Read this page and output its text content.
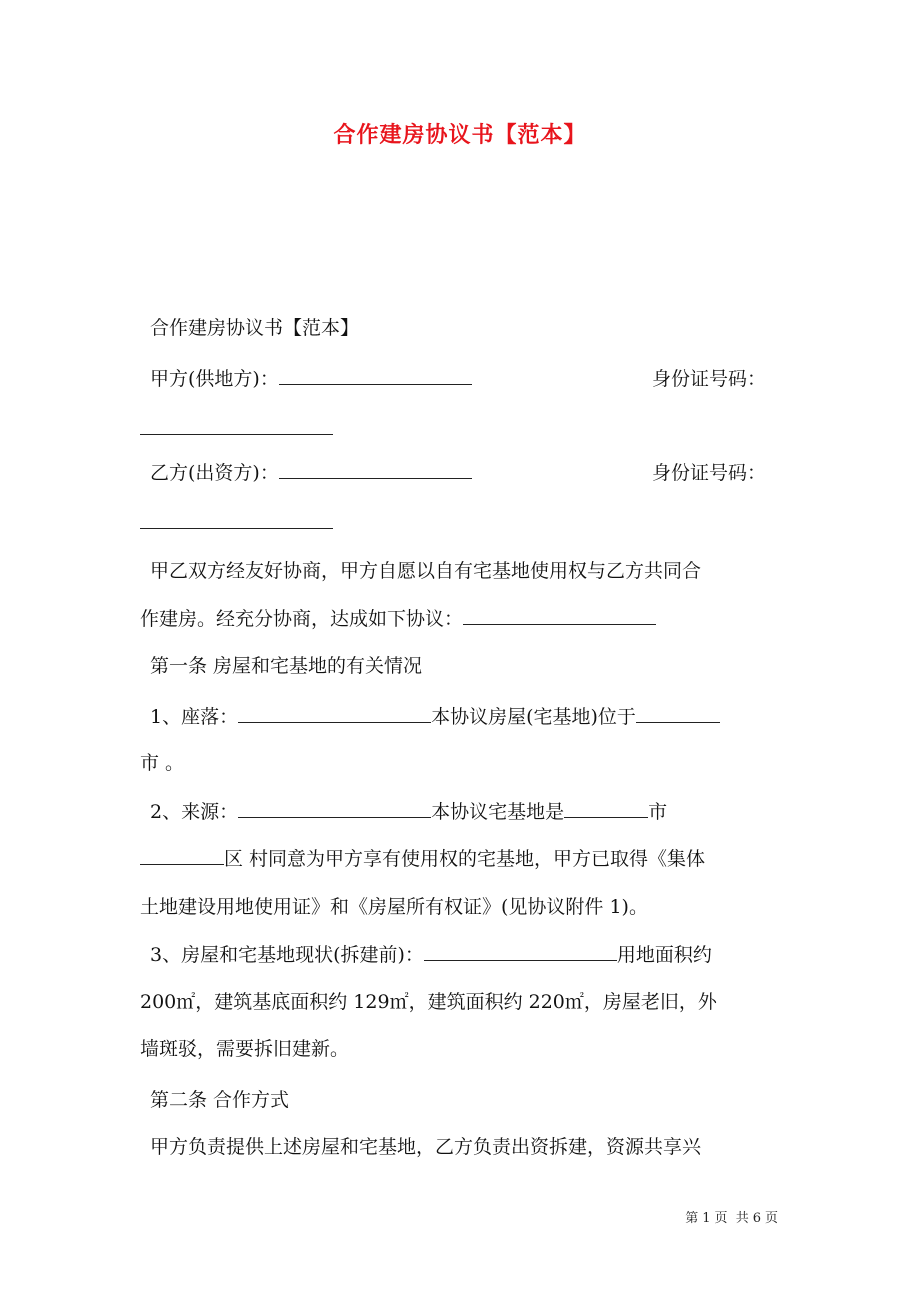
合作建房协议书【范本】
合作建房协议书【范本】
甲方(供地方)：	身份证号码：
乙方(出资方)：	身份证号码：
甲乙双方经友好协商，甲方自愿以自有宅基地使用权与乙方共同合
作建房。经充分协商，达成如下协议：
第一条 房屋和宅基地的有关情况
1、座落：	本协议房屋(宅基地)位于
市 。
2、来源：	本协议宅基地是	市
区 村同意为甲方享有使用权的宅基地，甲方已取得《集体
土地建设用地使用证》和《房屋所有权证》(见协议附件 1)。
3、房屋和宅基地现状(拆建前)：	用地面积约
200㎡，建筑基底面积约 129㎡，建筑面积约 220㎡，房屋老旧，外
墙斑驳，需要拆旧建新。
第二条 合作方式
甲方负责提供上述房屋和宅基地，乙方负责出资拆建，资源共享兴
第 1 页 共 6 页
